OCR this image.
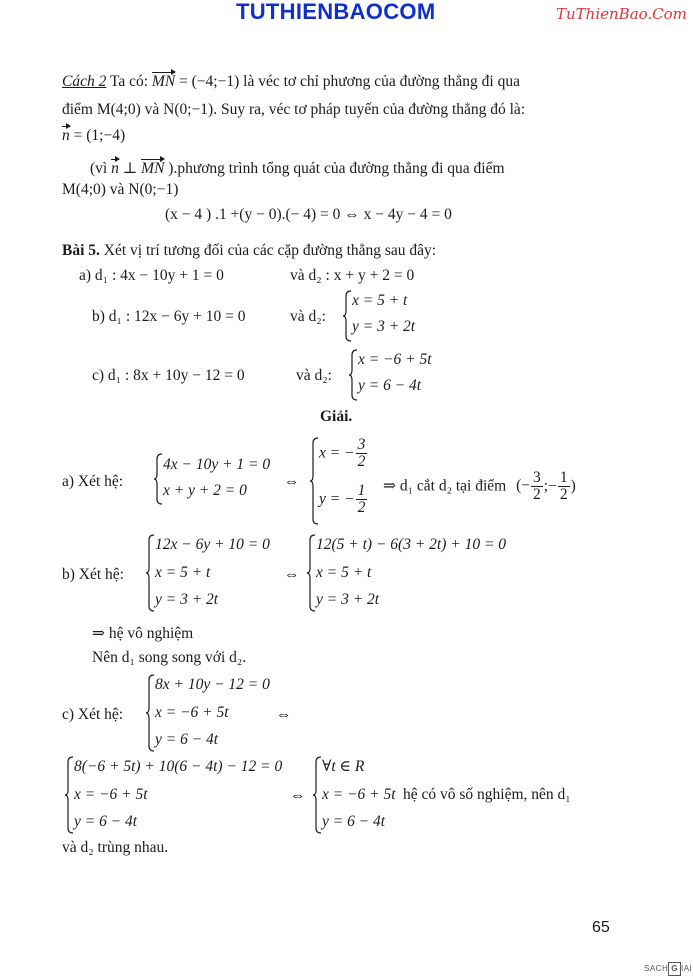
TUTHIENBAOCOM	TuThienBao.Com
Cách 2 Ta có: MN = (−4;−1) là véc tơ chỉ phương của đường thẳng đi qua
điểm M(4;0) và N(0;−1). Suy ra, véc tơ pháp tuyến của đường thẳng đó là:
n = (1;−4)
(vì n ⊥ MN ).phương trình tổng quát của đường thẳng đi qua điểm
M(4;0) và N(0;−1)
(x − 4 ) .1 +(y − 0).(− 4) = 0 ⇔ x − 4y − 4 = 0
Bài 5. Xét vị trí tương đối của các cặp đường thẳng sau đây:
a) d₁ : 4x − 10y + 1 = 0	và d₂ : x + y + 2 = 0
b) d₁ : 12x − 6y + 10 = 0	và d₂:
x = 5 + t
y = 3 + 2t
c) d₁ : 8x + 10y − 12 = 0	và d₂:
x = −6 + 5t
y = 6 − 4t
Giải.
a) Xét hệ:
4x − 10y + 1 = 0
x + y + 2 = 0
⇔
x = − $\frac{3}{2}$
y = − $\frac{1}{2}$ ⇒ d₁ cắt d₂ tại điểm (− $\frac{3}{2}$ ;− $\frac{1}{2}$ )
b) Xét hệ:
12x − 6y + 10 = 0
x = 5 + t
y = 3 + 2t
⇔
12(5 + t) − 6(3 + 2t) + 10 = 0
x = 5 + t
y = 3 + 2t
⇒ hệ vô nghiệm
Nên d₁ song song với d₂.
c) Xét hệ:
8x + 10y − 12 = 0
x = −6 + 5t
y = 6 − 4t
⇔
8(−6 + 5t) + 10(6 − 4t) − 12 = 0
x = −6 + 5t
y = 6 − 4t
⇔
∀t ∈ R
x = −6 + 5t
y = 6 − 4t
hệ có vô số nghiệm, nên d₁
và d₂ trùng nhau.
65
SACH G IAI
